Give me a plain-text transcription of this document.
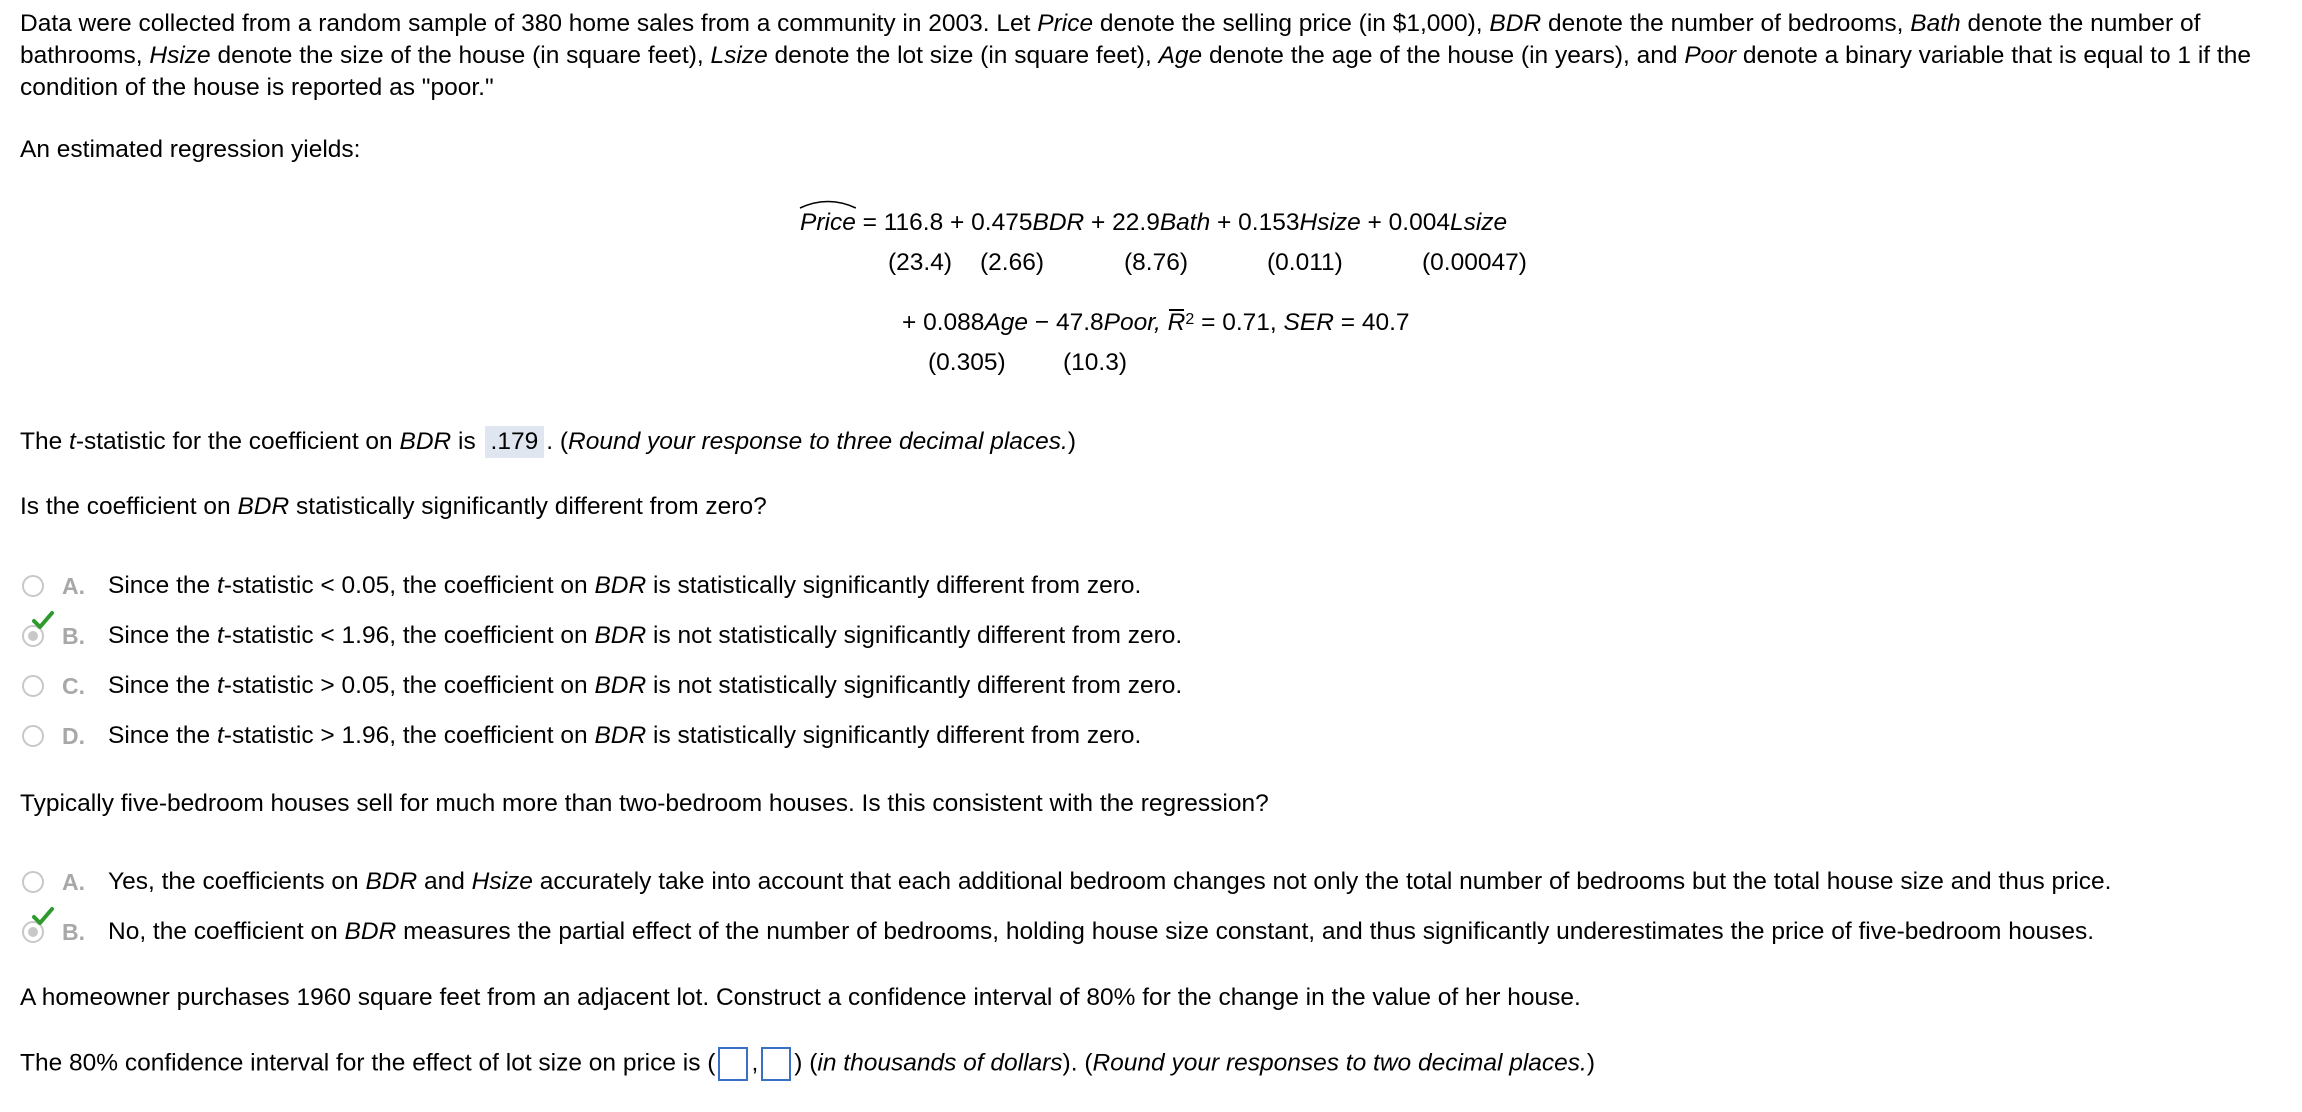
Data were collected from a random sample of 380 home sales from a community in 2003. Let Price denote the selling price (in $1,000), BDR denote the number of bedrooms, Bath denote the number of bathrooms, Hsize denote the size of the house (in square feet), Lsize denote the lot size (in square feet), Age denote the age of the house (in years), and Poor denote a binary variable that is equal to 1 if the condition of the house is reported as "poor."

An estimated regression yields:
Price = 116.8 + 0.475BDR + 22.9Bath + 0.153Hsize + 0.004Lsize
(23.4) (2.66)	(8.76)	(0.011)	(0.00047)
+ 0.088Age − 47.8Poor, $R^2 = 0.71$, SER = 40.7
(0.305) (10.3)
The t-statistic for the coefficient on BDR is .179 . (Round your response to three decimal places.)
Is the coefficient on BDR statistically significantly different from zero?
A. Since the t-statistic < 0.05, the coefficient on BDR is statistically significantly different from zero.
B. Since the t-statistic < 1.96, the coefficient on BDR is not statistically significantly different from zero.
C. Since the t-statistic > 0.05, the coefficient on BDR is not statistically significantly different from zero.
D. Since the t-statistic > 1.96, the coefficient on BDR is statistically significantly different from zero.
Typically five-bedroom houses sell for much more than two-bedroom houses. Is this consistent with the regression?
A. Yes, the coefficients on BDR and Hsize accurately take into account that each additional bedroom changes not only the total number of bedrooms but the total house size and thus price.
B. No, the coefficient on BDR measures the partial effect of the number of bedrooms, holding house size constant, and thus significantly underestimates the price of five-bedroom houses.
A homeowner purchases 1960 square feet from an adjacent lot. Construct a confidence interval of 80% for the change in the value of her house.
The 80% confidence interval for the effect of lot size on price is ( , ) (in thousands of dollars). (Round your responses to two decimal places.)
